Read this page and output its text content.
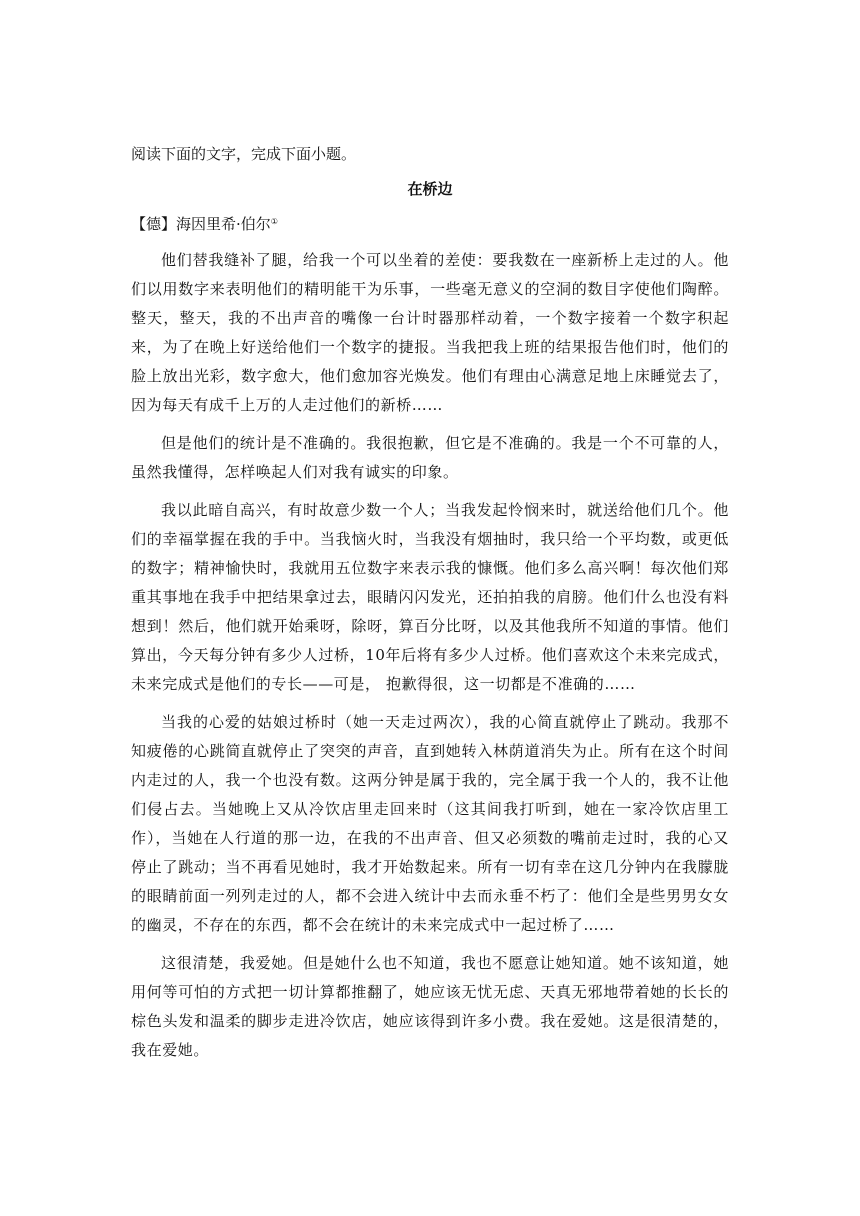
阅读下面的文字，完成下面小题。

在桥边

【德】海因里希·伯尔①

他们替我缝补了腿，给我一个可以坐着的差使：要我数在一座新桥上走过的人。他们以用数字来表明他们的精明能干为乐事，一些毫无意义的空洞的数目字使他们陶醉。整天，整天，我的不出声音的嘴像一台计时器那样动着，一个数字接着一个数字积起来，为了在晚上好送给他们一个数字的捷报。当我把我上班的结果报告他们时，他们的脸上放出光彩，数字愈大，他们愈加容光焕发。他们有理由心满意足地上床睡觉去了，因为每天有成千上万的人走过他们的新桥……

但是他们的统计是不准确的。我很抱歉，但它是不准确的。我是一个不可靠的人，虽然我懂得，怎样唤起人们对我有诚实的印象。

我以此暗自高兴，有时故意少数一个人；当我发起怜悯来时，就送给他们几个。他们的幸福掌握在我的手中。当我恼火时，当我没有烟抽时，我只给一个平均数，或更低的数字；精神愉快时，我就用五位数字来表示我的慷慨。他们多么高兴啊！每次他们郑重其事地在我手中把结果拿过去，眼睛闪闪发光，还拍拍我的肩膀。他们什么也没有料想到！然后，他们就开始乘呀，除呀，算百分比呀，以及其他我所不知道的事情。他们算出，今天每分钟有多少人过桥，10年后将有多少人过桥。他们喜欢这个未来完成式，未来完成式是他们的专长——可是， 抱歉得很，这一切都是不准确的……

当我的心爱的姑娘过桥时（她一天走过两次），我的心简直就停止了跳动。我那不知疲倦的心跳简直就停止了突突的声音，直到她转入林荫道消失为止。所有在这个时间内走过的人，我一个也没有数。这两分钟是属于我的，完全属于我一个人的，我不让他们侵占去。当她晚上又从冷饮店里走回来时（这其间我打听到，她在一家冷饮店里工作），当她在人行道的那一边，在我的不出声音、但又必须数的嘴前走过时，我的心又停止了跳动；当不再看见她时，我才开始数起来。所有一切有幸在这几分钟内在我朦胧的眼睛前面一列列走过的人，都不会进入统计中去而永垂不朽了：他们全是些男男女女的幽灵，不存在的东西，都不会在统计的未来完成式中一起过桥了……

这很清楚，我爱她。但是她什么也不知道，我也不愿意让她知道。她不该知道，她用何等可怕的方式把一切计算都推翻了，她应该无忧无虑、天真无邪地带着她的长长的棕色头发和温柔的脚步走进冷饮店，她应该得到许多小费。我在爱她。这是很清楚的，我在爱她。
